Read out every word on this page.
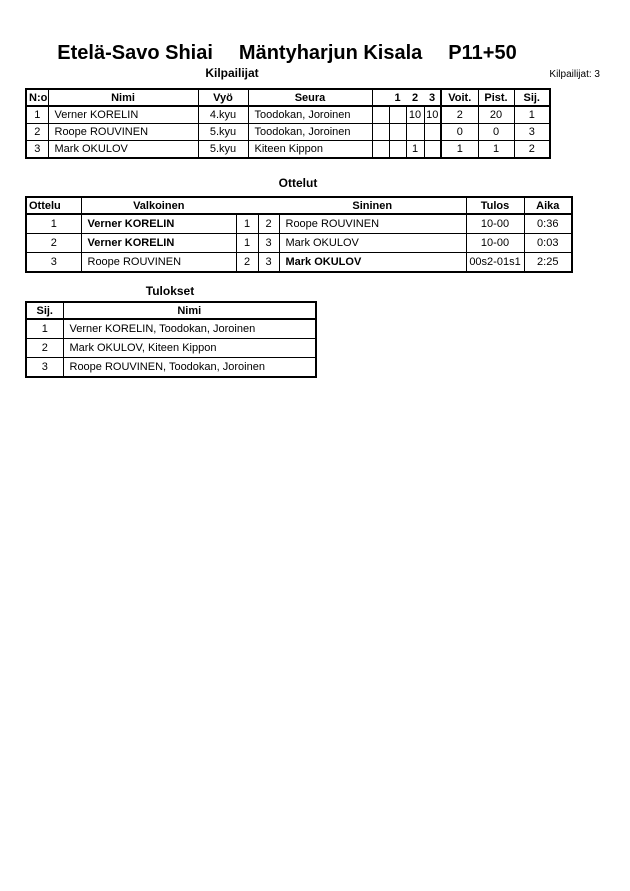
Etelä-Savo Shiai Mäntyharjun Kisala P11+50
Kilpailijat	Kilpailijat: 3
N:o	Nimi	Vyö	Seura		1	2	3	Voit.	Pist.	Sij.
1	Verner KORELIN	4.kyu	Toodokan, Joroinen			10	10	2	20	1
2	Roope ROUVINEN	5.kyu	Toodokan, Joroinen					0	0	3
3	Mark OKULOV	5.kyu	Kiteen Kippon			1		1	1	2
Ottelut
Ottelu	Valkoinen			Sininen	Tulos	Aika
1	Verner KORELIN	1	2	Roope ROUVINEN	10-00	0:36
2	Verner KORELIN	1	3	Mark OKULOV	10-00	0:03
3	Roope ROUVINEN	2	3	Mark OKULOV	00s2-01s1	2:25
Tulokset
Sij.	Nimi
1	Verner KORELIN, Toodokan, Joroinen
2	Mark OKULOV, Kiteen Kippon
3	Roope ROUVINEN, Toodokan, Joroinen
